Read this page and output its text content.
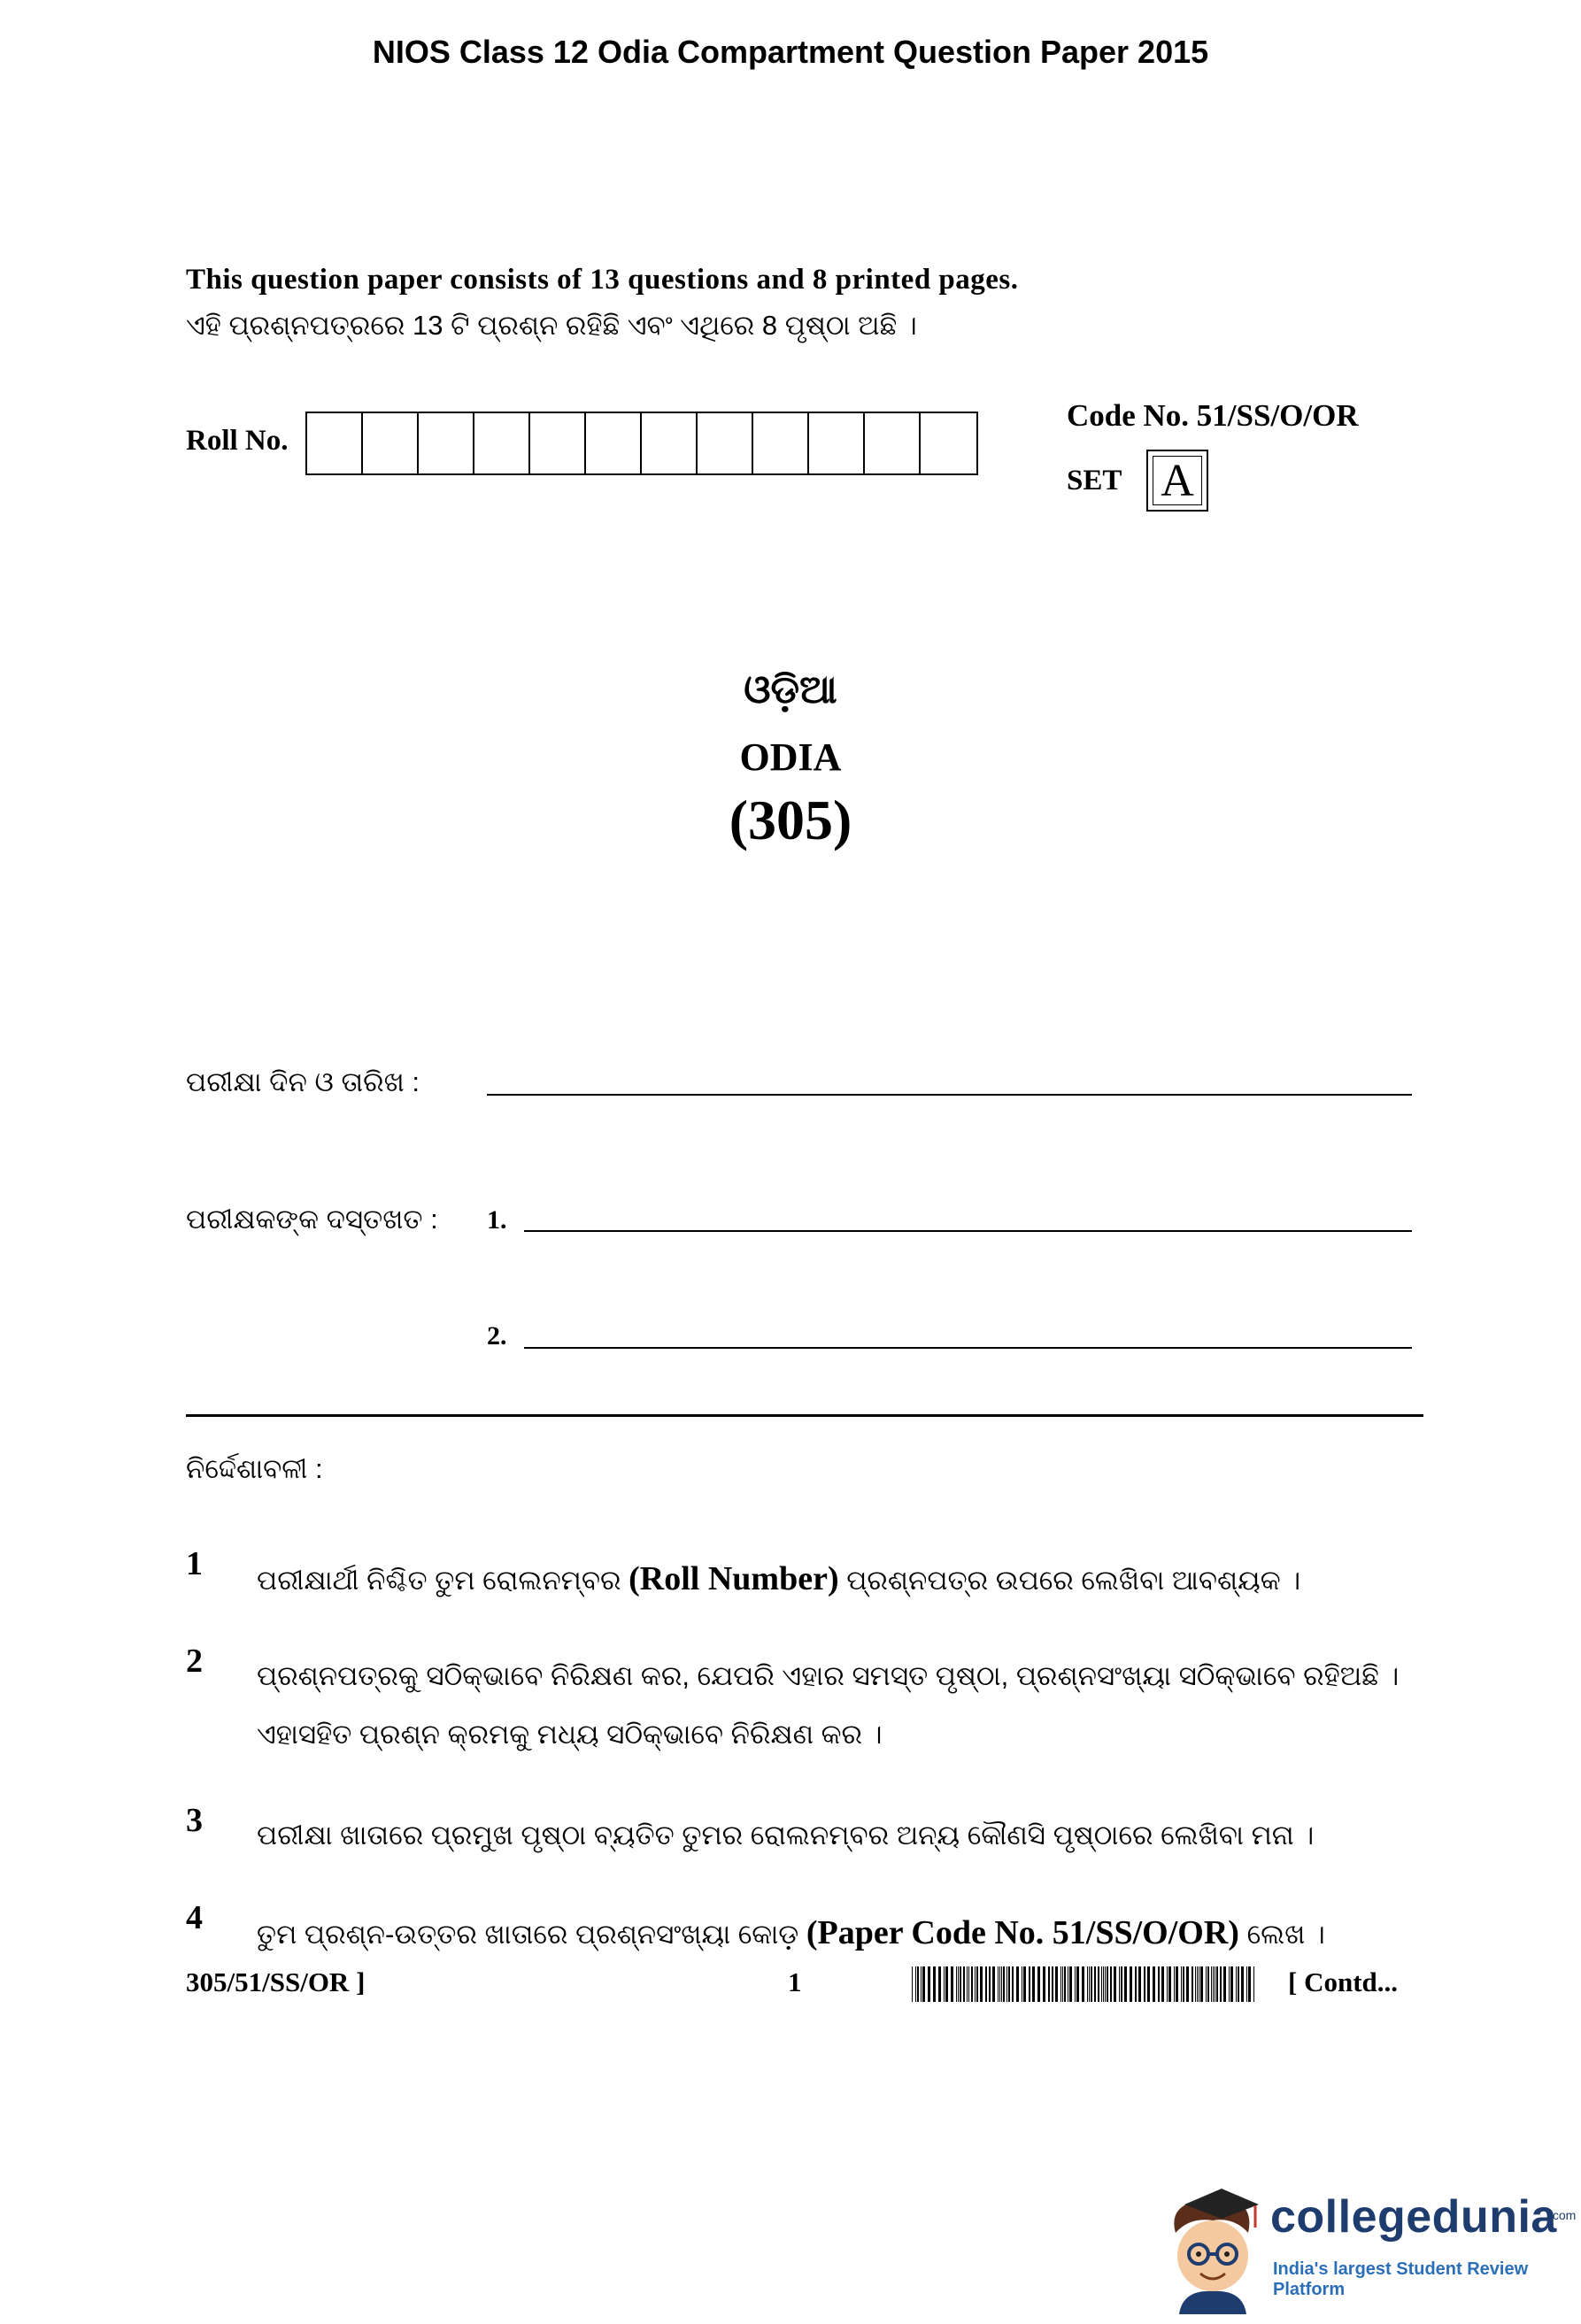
NIOS Class 12 Odia Compartment Question Paper 2015
This question paper consists of 13 questions and 8 printed pages.
ଏହି ପ୍ରଶ୍ନପତ୍ରରେ 13 ଟି ପ୍ରଶ୍ନ ରହିଛି ଏବଂ ଏଥିରେ 8 ପୃଷ୍ଠା ଅଛି ।
Roll No.
Code No. 51/SS/O/OR
SET A
ଓଡ଼ିଆ
ODIA
(305)
ପରୀକ୍ଷା ଦିନ ଓ ତାରିଖ :
ପରୀକ୍ଷକଙ୍କ ଦସ୍ତଖତ : 1.
2.
ନିର୍ଦ୍ଦେଶାବଳୀ :
1 ପରୀକ୍ଷାର୍ଥୀ ନିଶ୍ଚିତ ତୁମ ରୋଲନମ୍ବର (Roll Number) ପ୍ରଶ୍ନପତ୍ର ଉପରେ ଲେଖିବା ଆବଶ୍ୟକ ।
2 ପ୍ରଶ୍ନପତ୍ରକୁ ସଠିକ୍‌ଭାବେ ନିରିକ୍ଷଣ କର, ଯେପରି ଏହାର ସମସ୍ତ ପୃଷ୍ଠା, ପ୍ରଶ୍ନସଂଖ୍ୟା ସଠିକ୍‌ଭାବେ ରହିଅଛି । ଏହାସହିତ ପ୍ରଶ୍ନ କ୍ରମକୁ ମଧ୍ୟ ସଠିକ୍‌ଭାବେ ନିରିକ୍ଷଣ କର ।
3 ପରୀକ୍ଷା ଖାତାରେ ପ୍ରମୁଖ ପୃଷ୍ଠା ବ୍ୟତିତ ତୁମର ରୋଲନମ୍ବର ଅନ୍ୟ କୌଣସି ପୃଷ୍ଠାରେ ଲେଖିବା ମନା ।
4 ତୁମ ପ୍ରଶ୍ନ-ଉତ୍ତର ଖାତାରେ ପ୍ରଶ୍ନସଂଖ୍ୟା କୋଡ଼ (Paper Code No. 51/SS/O/OR) ଲେଖ ।
305/51/SS/OR ]	1	[ Contd...
collegedunia
.com
India's largest Student Review Platform
